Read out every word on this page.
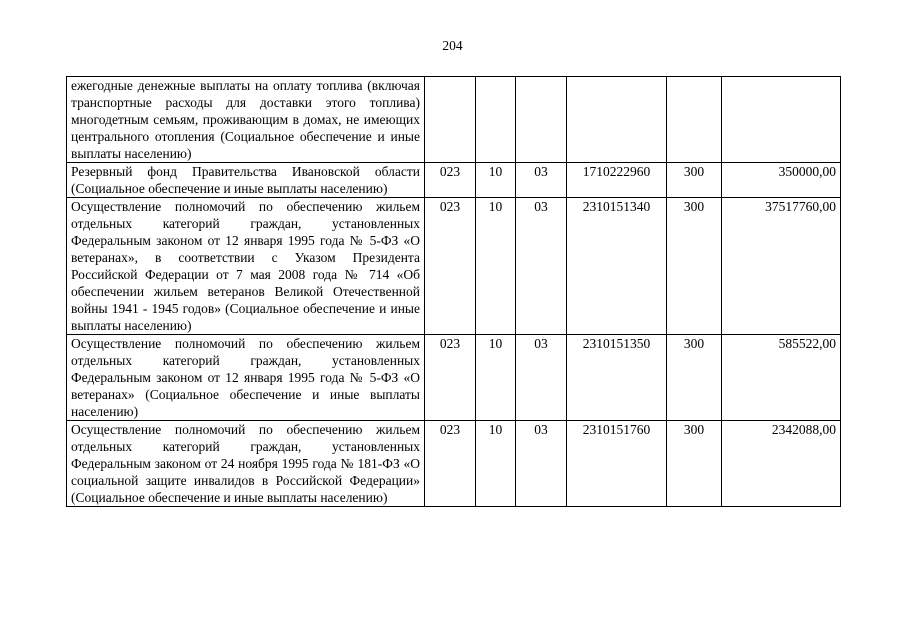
204
ежегодные денежные выплаты на оплату топлива (включая транспортные расходы для доставки этого топлива) многодетным семьям, проживающим в домах, не имеющих центрального отопления (Социальное обеспечение и иные выплаты населению)						
Резервный фонд Правительства Ивановской области (Социальное обеспечение и иные выплаты населению)	023	10	03	1710222960	300	350000,00
Осуществление полномочий по обеспечению жильем отдельных категорий граждан, установленных Федеральным законом от 12 января 1995 года № 5-ФЗ «О ветеранах», в соответствии с Указом Президента Российской Федерации от 7 мая 2008 года № 714 «Об обеспечении жильем ветеранов Великой Отечественной войны 1941 - 1945 годов» (Социальное обеспечение и иные выплаты населению)	023	10	03	2310151340	300	37517760,00
Осуществление полномочий по обеспечению жильем отдельных категорий граждан, установленных Федеральным законом от 12 января 1995 года № 5-ФЗ «О ветеранах» (Социальное обеспечение и иные выплаты населению)	023	10	03	2310151350	300	585522,00
Осуществление полномочий по обеспечению жильем отдельных категорий граждан, установленных Федеральным законом от 24 ноября 1995 года № 181-ФЗ «О социальной защите инвалидов в Российской Федерации» (Социальное обеспечение и иные выплаты населению)	023	10	03	2310151760	300	2342088,00
